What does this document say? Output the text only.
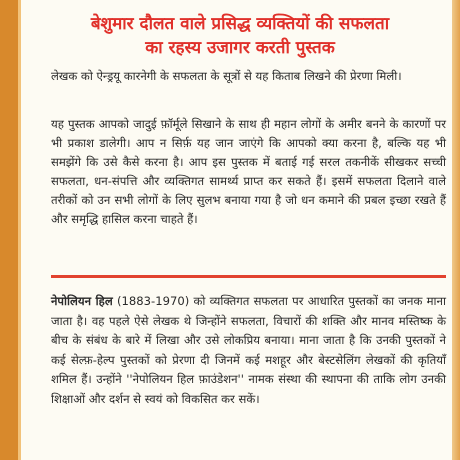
बेशुमार दौलत वाले प्रसिद्ध व्यक्तियों की सफलता
का रहस्य उजागर करती पुस्तक
लेखक को ऐन्ड्रयू कारनेगी के सफलता के सूत्रों से यह किताब लिखने की प्रेरणा मिली।
यह पुस्तक आपको जादुई फ़ॉर्मूले सिखाने के साथ ही महान लोगों के अमीर बनने के कारणों पर भी प्रकाश डालेगी। आप न सिर्फ़ यह जान जाएंगे कि आपको क्या करना है, बल्कि यह भी समझेंगे कि उसे कैसे करना है। आप इस पुस्तक में बताई गई सरल तकनीकें सीखकर सच्ची सफलता, धन-संपत्ति और व्यक्तिगत सामर्थ्य प्राप्त कर सकते हैं। इसमें सफलता दिलाने वाले तरीकों को उन सभी लोगों के लिए सुलभ बनाया गया है जो धन कमाने की प्रबल इच्छा रखते हैं और समृद्धि हासिल करना चाहते हैं।
नेपोलियन हिल (1883-1970) को व्यक्तिगत सफलता पर आधारित पुस्तकों का जनक माना जाता है। वह पहले ऐसे लेखक थे जिन्होंने सफलता, विचारों की शक्ति और मानव मस्तिष्क के बीच के संबंध के बारे में लिखा और उसे लोकप्रिय बनाया। माना जाता है कि उनकी पुस्तकों ने कई सेल्फ़-हेल्प पुस्तकों को प्रेरणा दी जिनमें कई मशहूर और बेस्टसेलिंग लेखकों की कृतियाँ शमिल हैं। उन्होंने ''नेपोलियन हिल फ़ाउंडेशन'' नामक संस्था की स्थापना की ताकि लोग उनकी शिक्षाओं और दर्शन से स्वयं को विकसित कर सकें।
